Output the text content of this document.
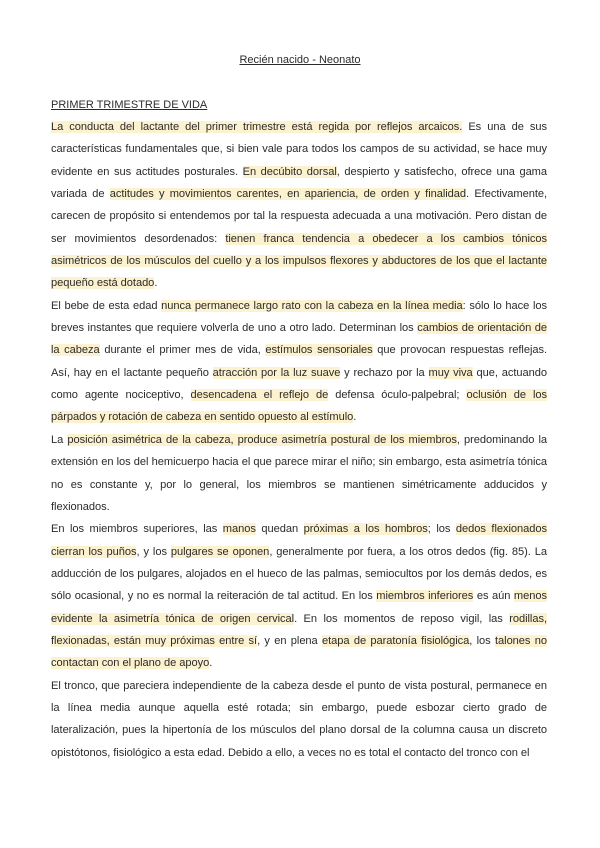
Recién nacido - Neonato
PRIMER TRIMESTRE DE VIDA

La conducta del lactante del primer trimestre está regida por reflejos arcaicos. Es una de sus características fundamentales que, si bien vale para todos los campos de su actividad, se hace muy evidente en sus actitudes posturales. En decúbito dorsal, despierto y satisfecho, ofrece una gama variada de actitudes y movimientos carentes, en apariencia, de orden y finalidad. Efectivamente, carecen de propósito si entendemos por tal la respuesta adecuada a una motivación. Pero distan de ser movimientos desordenados: tienen franca tendencia a obedecer a los cambios tónicos asimétricos de los músculos del cuello y a los impulsos flexores y abductores de los que el lactante pequeño está dotado.

El bebe de esta edad nunca permanece largo rato con la cabeza en la línea media: sólo lo hace los breves instantes que requiere volverla de uno a otro lado. Determinan los cambios de orientación de la cabeza durante el primer mes de vida, estímulos sensoriales que provocan respuestas reflejas. Así, hay en el lactante pequeño atracción por la luz suave y rechazo por la muy viva que, actuando como agente nociceptivo, desencadena el reflejo de defensa óculo-palpebral; oclusión de los párpados y rotación de cabeza en sentido opuesto al estímulo.

La posición asimétrica de la cabeza, produce asimetría postural de los miembros, predominando la extensión en los del hemicuerpo hacia el que parece mirar el niño; sin embargo, esta asimetría tónica no es constante y, por lo general, los miembros se mantienen simétricamente adducidos y flexionados.

En los miembros superiores, las manos quedan próximas a los hombros; los dedos flexionados cierran los puños, y los pulgares se oponen, generalmente por fuera, a los otros dedos (fig. 85). La adducción de los pulgares, alojados en el hueco de las palmas, semiocultos por los demás dedos, es sólo ocasional, y no es normal la reiteración de tal actitud. En los miembros inferiores es aún menos evidente la asimetría tónica de origen cervical. En los momentos de reposo vigil, las rodillas, flexionadas, están muy próximas entre sí, y en plena etapa de paratonía fisiológica, los talones no contactan con el plano de apoyo.

El tronco, que pareciera independiente de la cabeza desde el punto de vista postural, permanece en la línea media aunque aquella esté rotada; sin embargo, puede esbozar cierto grado de lateralización, pues la hipertonía de los músculos del plano dorsal de la columna causa un discreto opistótonos, fisiológico a esta edad. Debido a ello, a veces no es total el contacto del tronco con el
